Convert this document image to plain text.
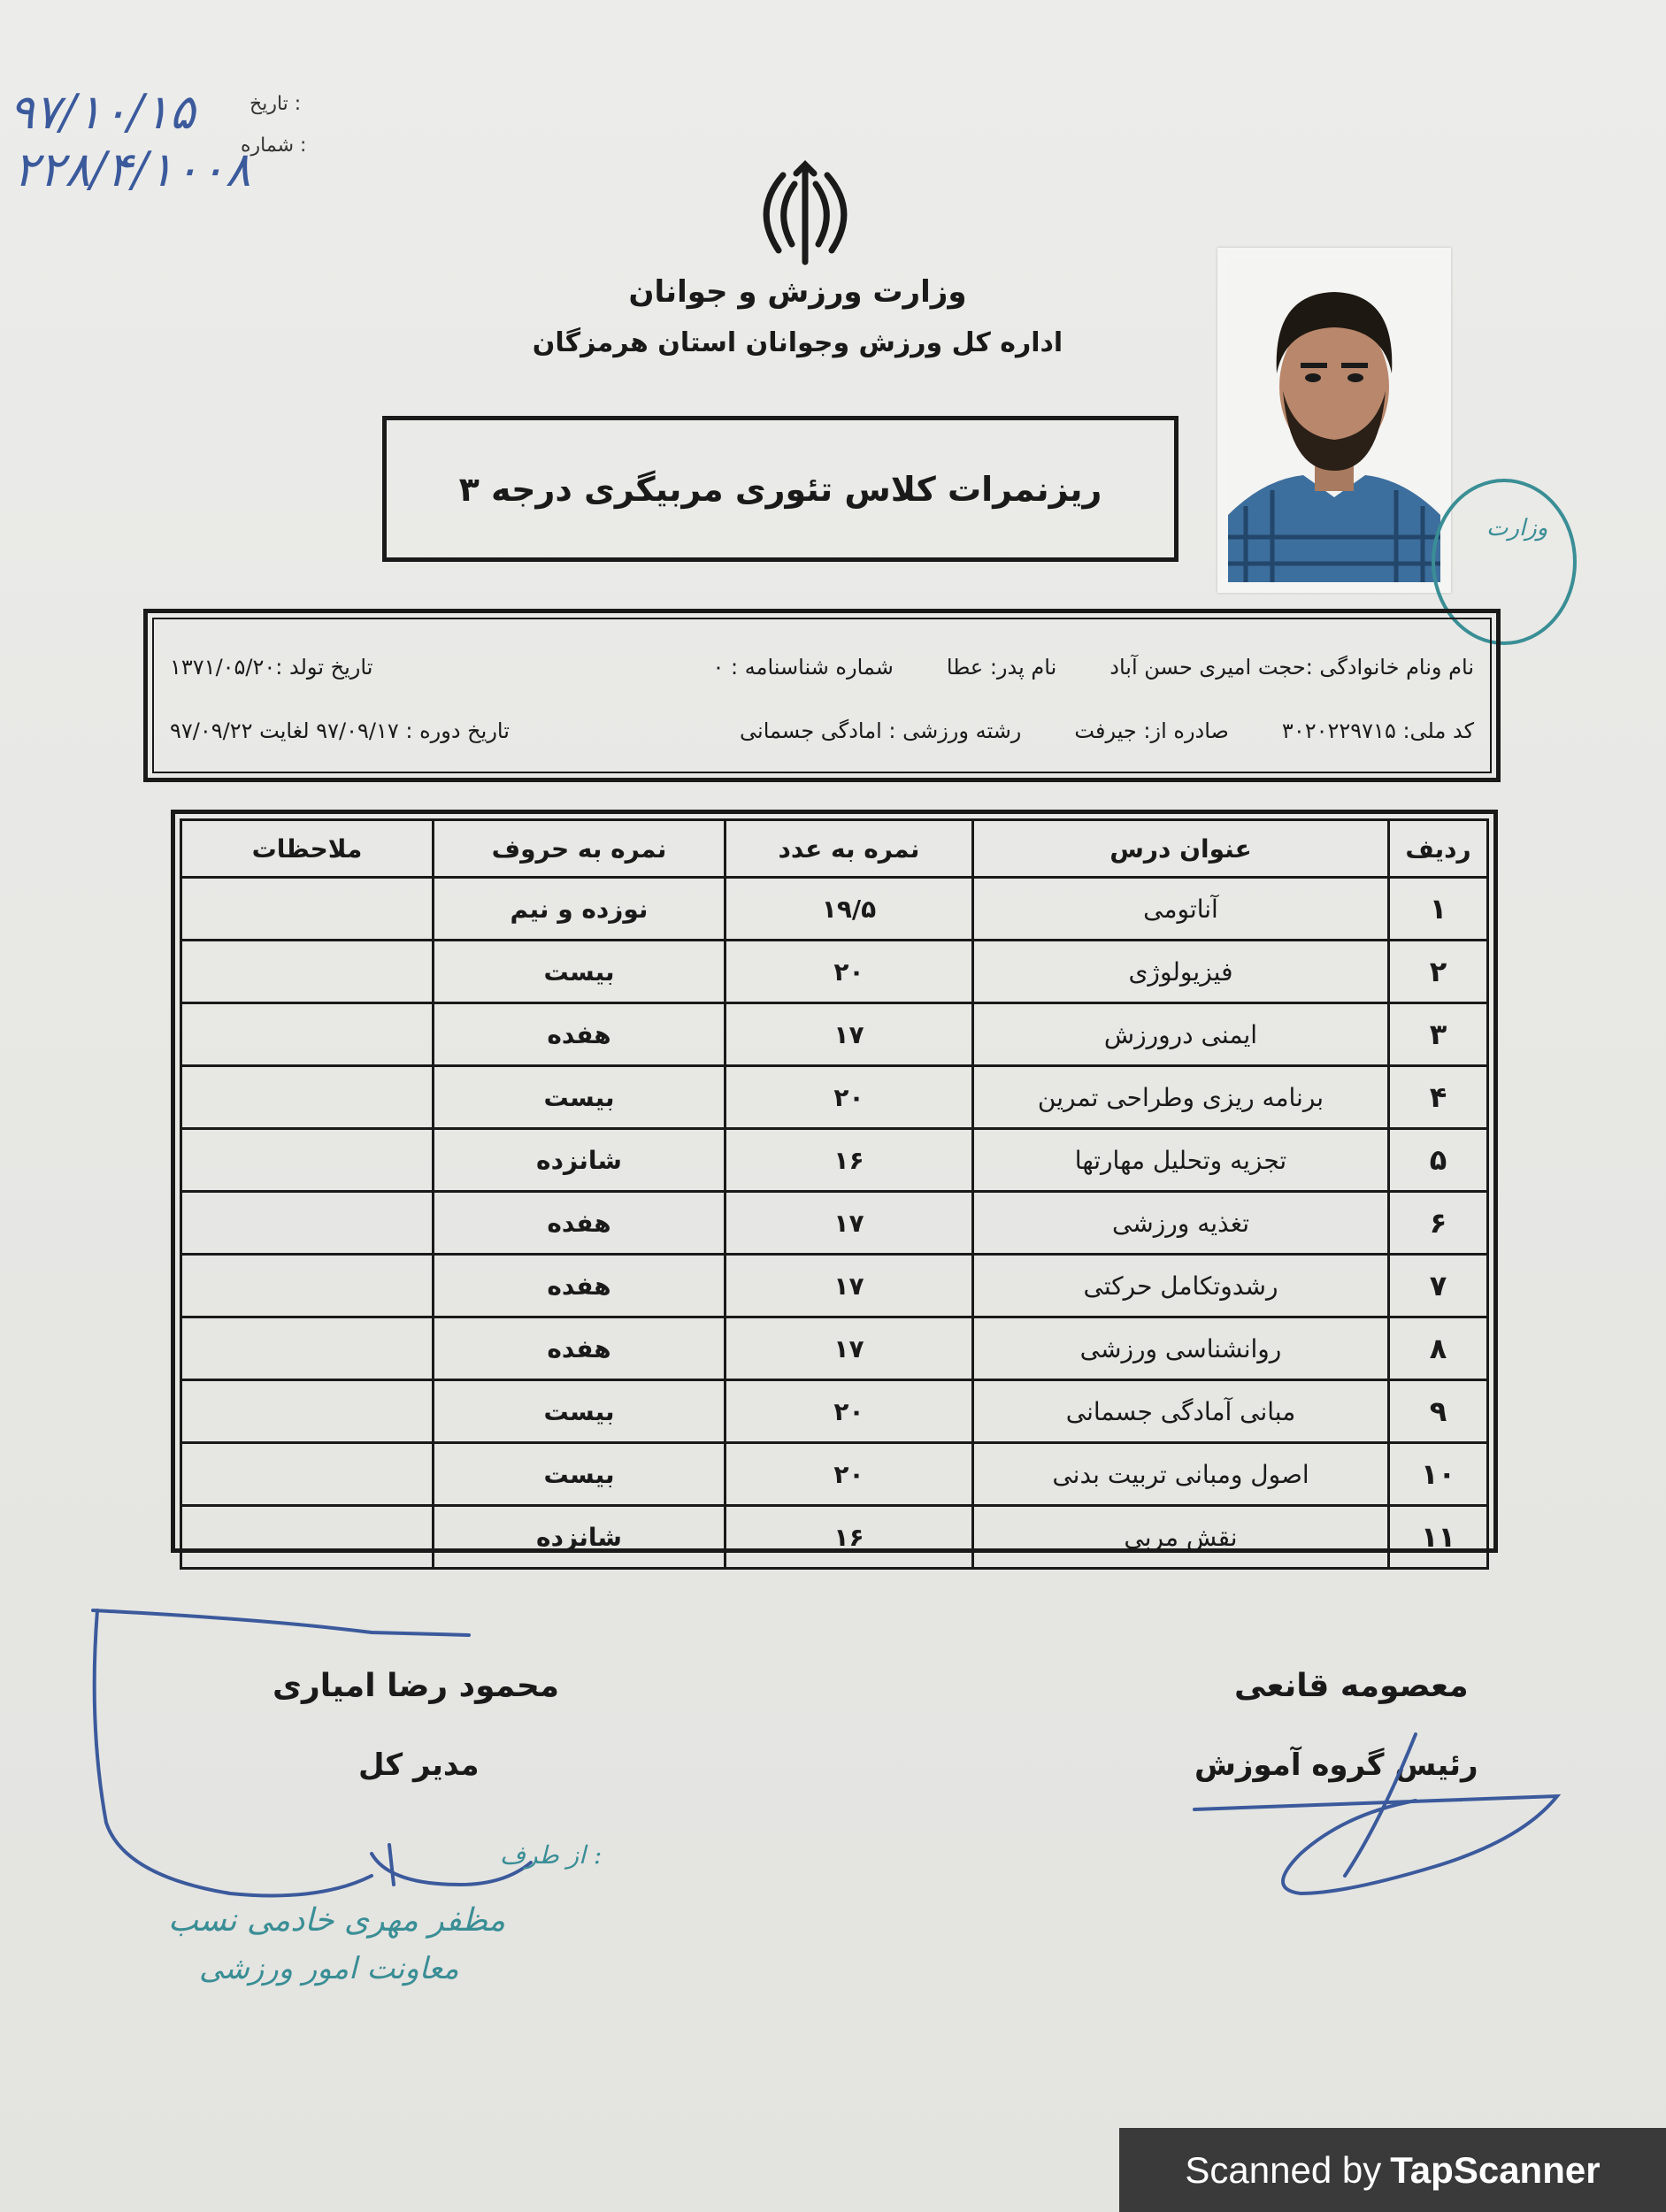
تاریخ :
۹۷/۱۰/۱۵
شماره :
۲۲۸/۴/۱۰۰۸
وزارت ورزش و جوانان
اداره کل ورزش وجوانان استان هرمزگان
ریزنمرات کلاس تئوری مربیگری درجه ۳
وزارت
نام ونام خانوادگی :حجت امیری حسن آباد
نام پدر: عطا
شماره شناسنامه : ۰
تاریخ تولد :۱۳۷۱/۰۵/۲۰
کد ملی: ۳۰۲۰۲۲۹۷۱۵
صادره از: جیرفت
رشته ورزشی : امادگی جسمانی
تاریخ دوره : ۹۷/۰۹/۱۷ لغایت ۹۷/۰۹/۲۲
ردیف	عنوان درس	نمره به عدد	نمره به حروف	ملاحظات
۱	آناتومی	۱۹/۵	نوزده و نیم	
۲	فیزیولوژی	۲۰	بیست	
۳	ایمنی درورزش	۱۷	هفده	
۴	برنامه ریزی وطراحی تمرین	۲۰	بیست	
۵	تجزیه وتحلیل مهارتها	۱۶	شانزده	
۶	تغذیه ورزشی	۱۷	هفده	
۷	رشدوتکامل حرکتی	۱۷	هفده	
۸	روانشناسی ورزشی	۱۷	هفده	
۹	مبانی آمادگی جسمانی	۲۰	بیست	
۱۰	اصول ومبانی تربیت بدنی	۲۰	بیست	
۱۱	نقش مربی	۱۶	شانزده	
محمود رضا امیاری
مدیر کل
معصومه قانعی
رئیس گروه آموزش
از طرف :
مظفر مهری خادمی نسب
معاونت امور ورزشی
Scanned by TapScanner
